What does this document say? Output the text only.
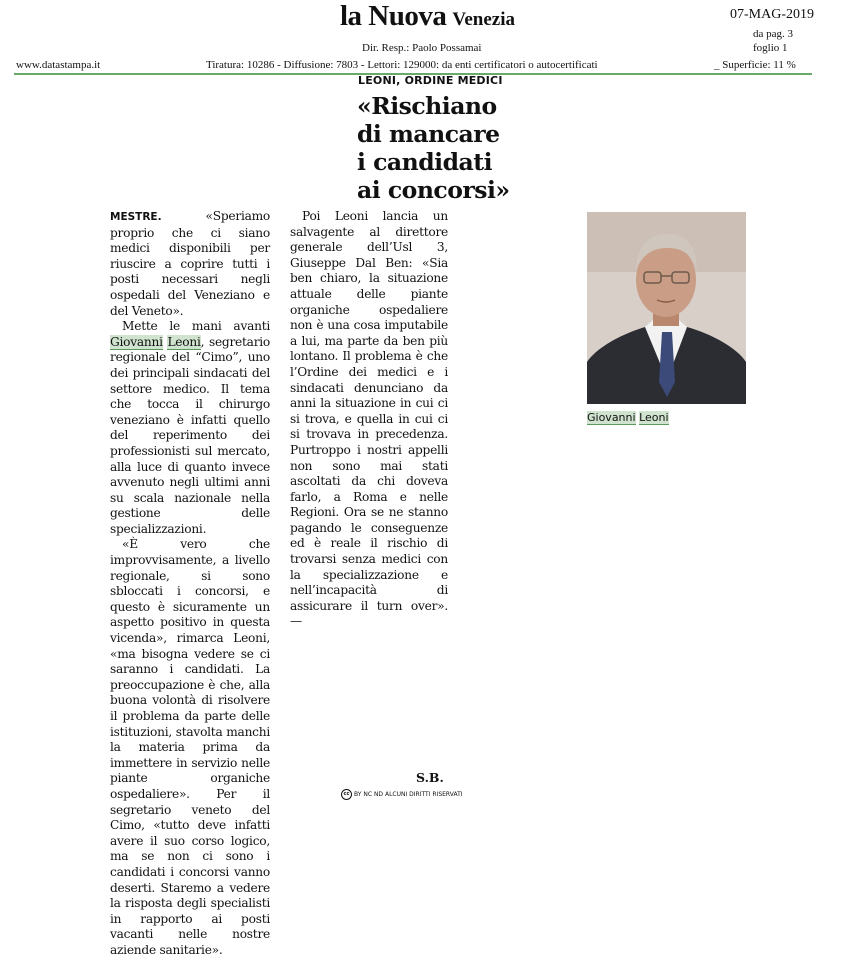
la Nuova Venezia	07-MAG-2019
da pag. 3
foglio 1
Dir. Resp.: Paolo Possamai
www.datastampa.it	Tiratura: 10286 - Diffusione: 7803 - Lettori: 129000: da enti certificatori o autocertificati	_ Superficie: 11 %
LEONI, ORDINE MEDICI
«Rischiano
di mancare
i candidati
ai concorsi»

MESTRE. «Speriamo proprio che ci siano medici disponibili per riuscire a coprire tutti i posti necessari negli ospedali del Veneziano e del Veneto».

Mette le mani avanti Giovanni Leoni, segretario regionale del “Cimo”, uno dei principali sindacati del settore medico. Il tema che tocca il chirurgo veneziano è infatti quello del reperimento dei professionisti sul mercato, alla luce di quanto invece avvenuto negli ultimi anni su scala nazionale nella gestione delle specializzazioni.

«È vero che improvvisamente, a livello regionale, si sono sbloccati i concorsi, e questo è sicuramente un aspetto positivo in questa vicenda», rimarca Leoni, «ma bisogna vedere se ci saranno i candidati. La preoccupazione è che, alla buona volontà di risolvere il problema da parte delle istituzioni, stavolta manchi la materia prima da immettere in servizio nelle piante organiche ospedaliere». Per il segretario veneto del Cimo, «tutto deve infatti avere il suo corso logico, ma se non ci sono i candidati i concorsi vanno deserti. Staremo a vedere la risposta degli specialisti in rapporto ai posti vacanti nelle nostre aziende sanitarie».

Poi Leoni lancia un salvagente al direttore generale dell’Usl 3, Giuseppe Dal Ben: «Sia ben chiaro, la situazione attuale delle piante organiche ospedaliere non è una cosa imputabile a lui, ma parte da ben più lontano. Il problema è che l’Ordine dei medici e i sindacati denunciano da anni la situazione in cui ci si trova, e quella in cui ci si trovava in precedenza. Purtroppo i nostri appelli non sono mai stati ascoltati da chi doveva farlo, a Roma e nelle Regioni. Ora se ne stanno pagando le conseguenze ed è reale il rischio di trovarsi senza medici con la specializzazione e nell’incapacità di assicurare il turn over». —

S.B.
cc BY NC ND ALCUNI DIRITTI RISERVATI
Giovanni Leoni
